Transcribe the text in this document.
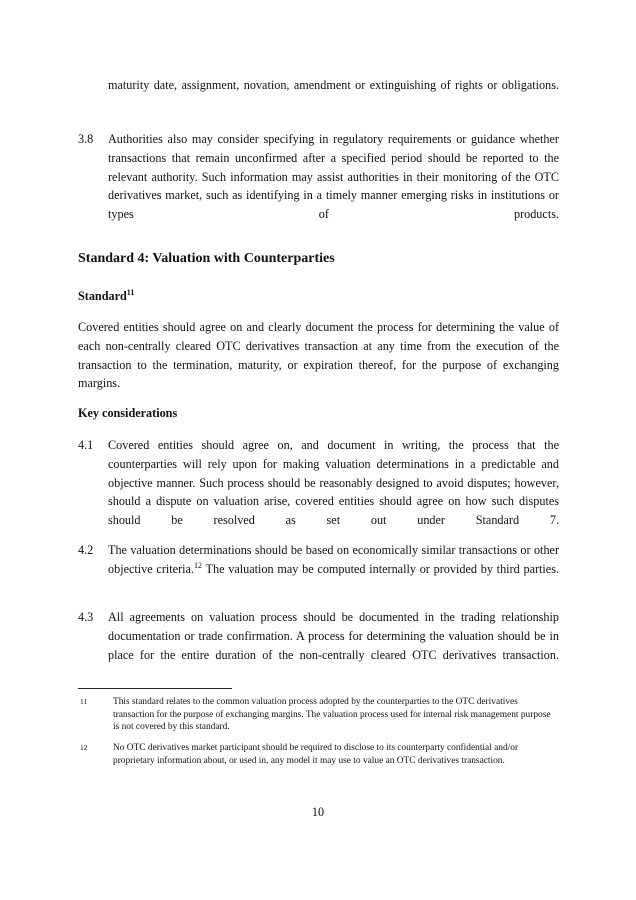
maturity date, assignment, novation, amendment or extinguishing of rights or obligations.

3.8 Authorities also may consider specifying in regulatory requirements or guidance whether transactions that remain unconfirmed after a specified period should be reported to the relevant authority. Such information may assist authorities in their monitoring of the OTC derivatives market, such as identifying in a timely manner emerging risks in institutions or types of products.

Standard 4: Valuation with Counterparties
Standard$^{11}$

Covered entities should agree on and clearly document the process for determining the value of each non-centrally cleared OTC derivatives transaction at any time from the execution of the transaction to the termination, maturity, or expiration thereof, for the purpose of exchanging margins.

Key considerations
4.1 Covered entities should agree on, and document in writing, the process that the counterparties will rely upon for making valuation determinations in a predictable and objective manner. Such process should be reasonably designed to avoid disputes; however, should a dispute on valuation arise, covered entities should agree on how such disputes should be resolved as set out under Standard 7.

4.2 The valuation determinations should be based on economically similar transactions or other objective criteria.$^{12}$ The valuation may be computed internally or provided by third parties.

4.3 All agreements on valuation process should be documented in the trading relationship documentation or trade confirmation. A process for determining the valuation should be in place for the entire duration of the non-centrally cleared OTC derivatives transaction.

11	This standard relates to the common valuation process adopted by the counterparties to the OTC derivatives transaction for the purpose of exchanging margins. The valuation process used for internal risk management purpose is not covered by this standard.

12	No OTC derivatives market participant should be required to disclose to its counterparty confidential and/or proprietary information about, or used in, any model it may use to value an OTC derivatives transaction.

10
